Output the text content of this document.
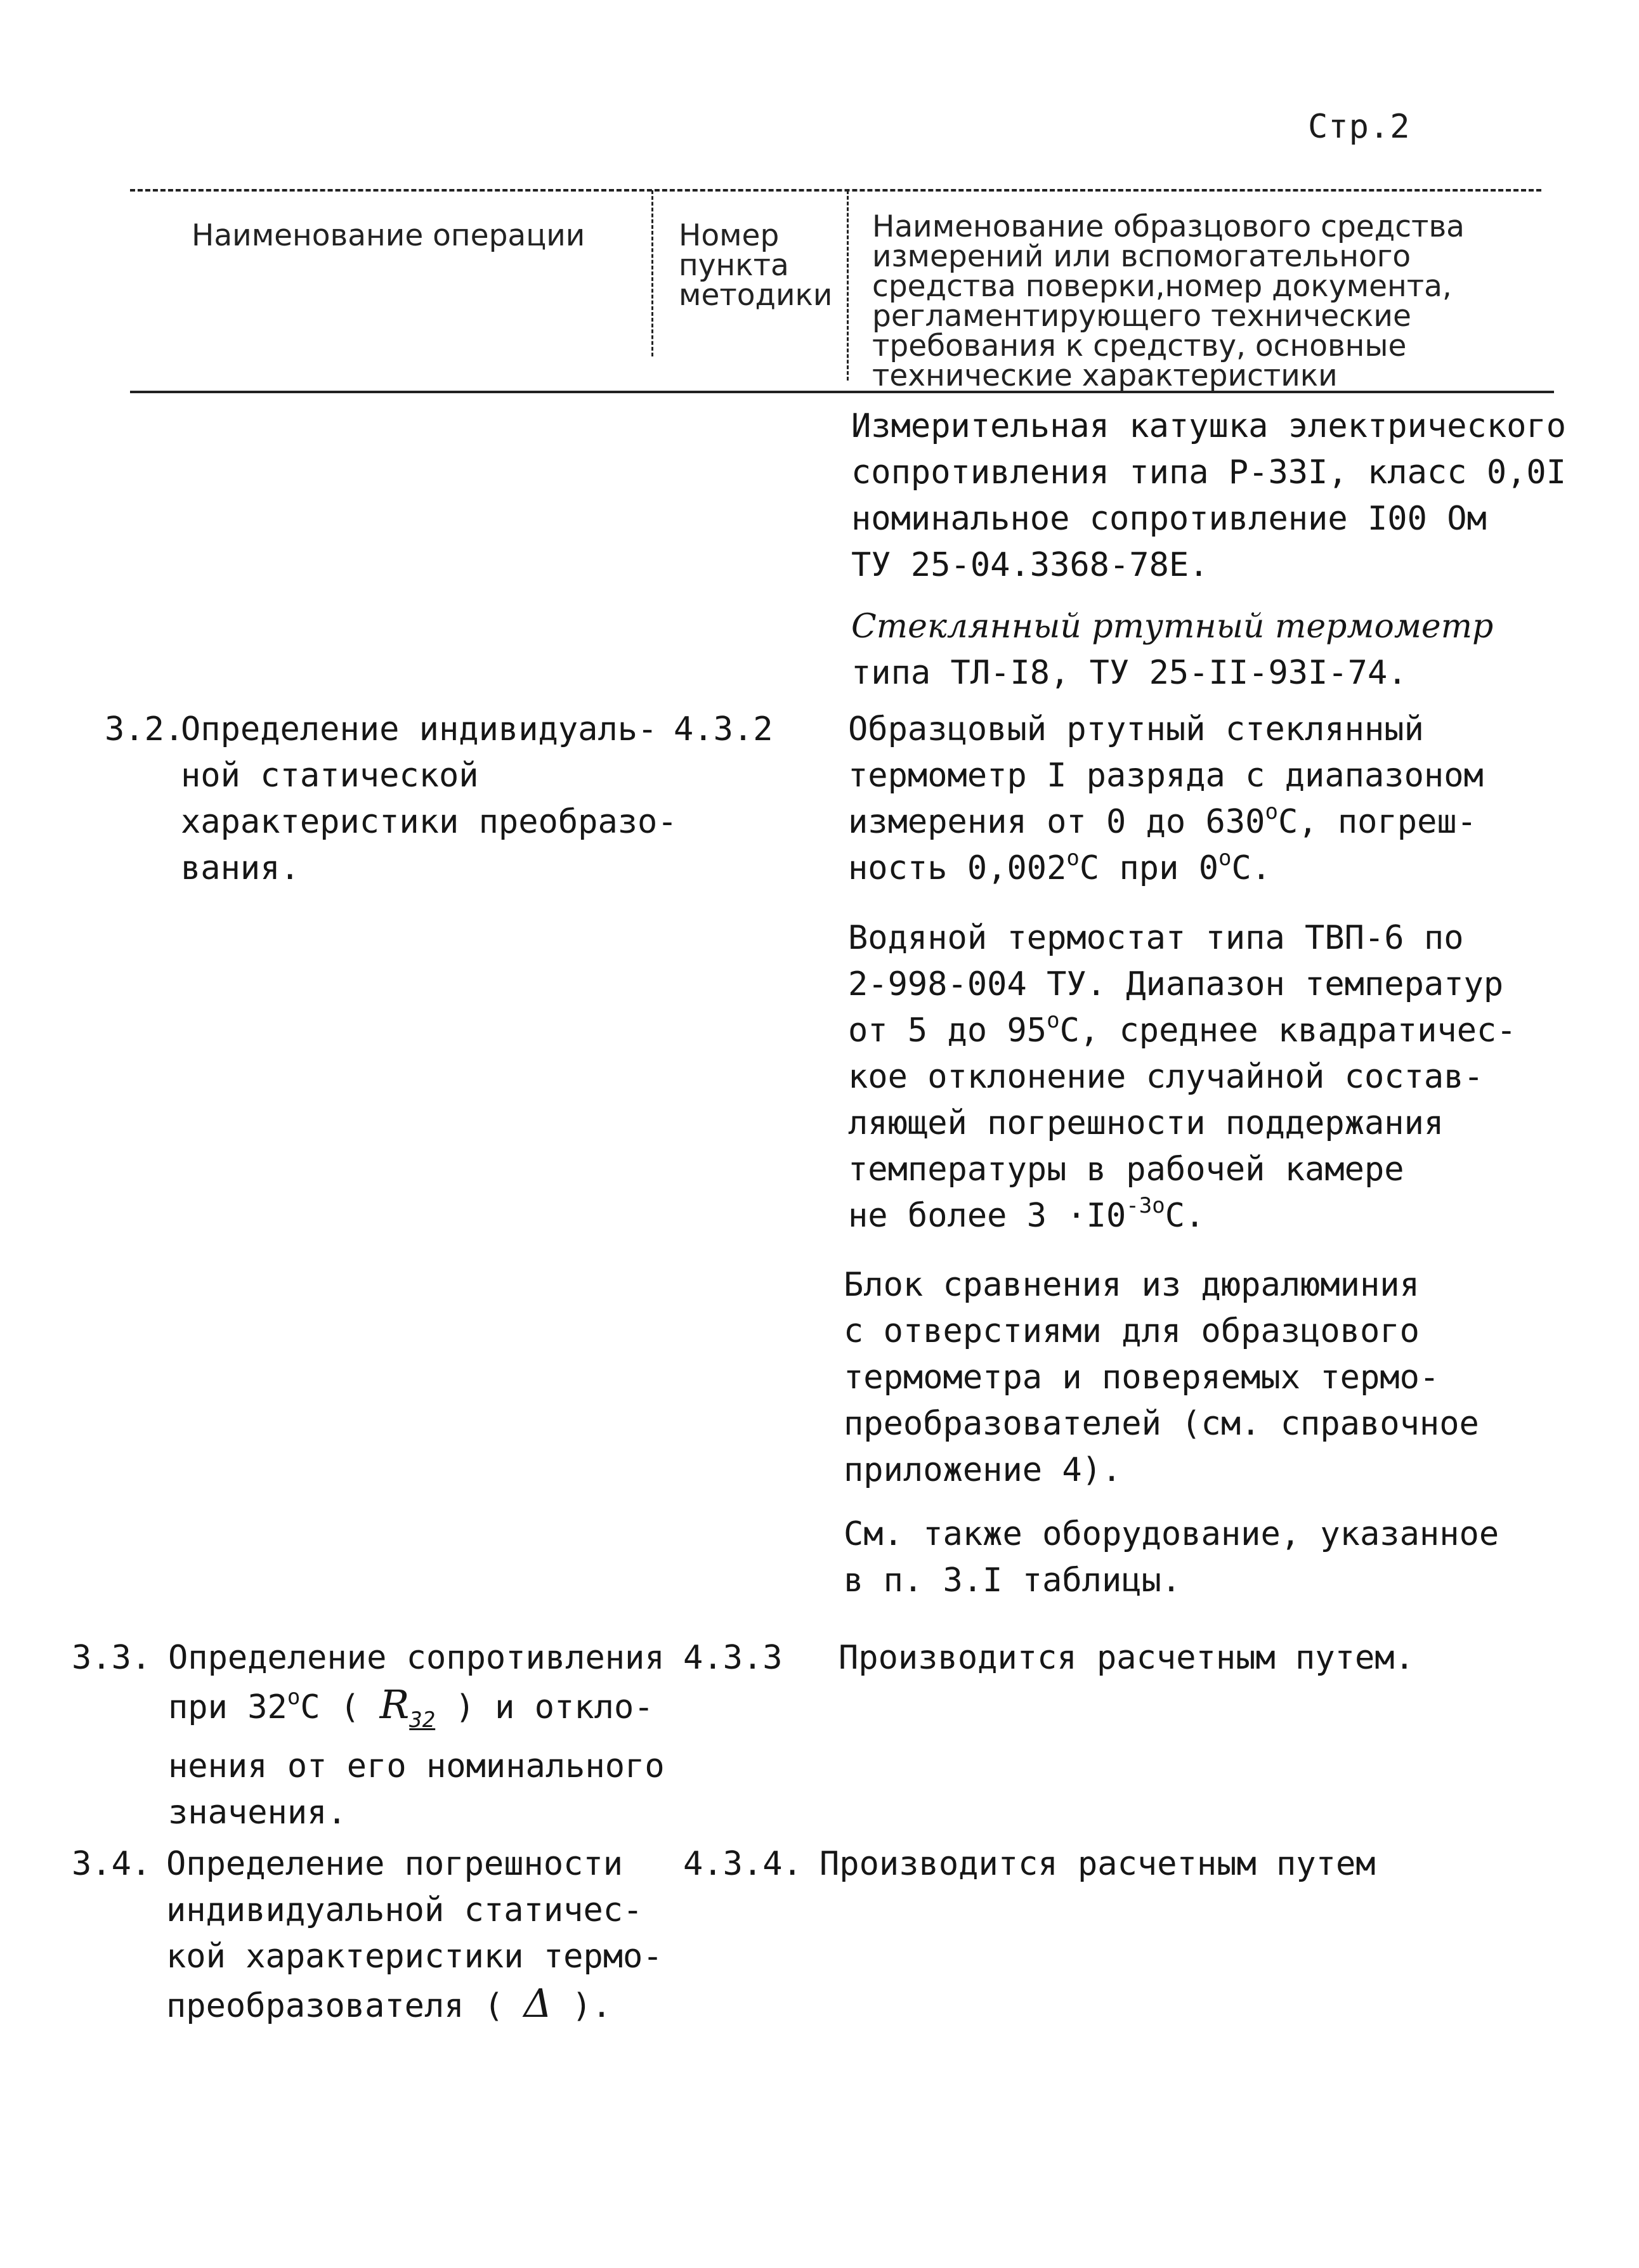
Стр.2
Наименование операции	Номер
пункта
методики
Наименование образцового средства
измерений или вспомогательного
средства поверки,номер документа,
регламентирующего технические
требования к средству, основные
технические характеристики
Измерительная катушка электрического
сопротивления типа Р-33I, класс 0,0I
номинальное сопротивление I00 Ом
ТУ 25-04.3368-78Е.
Стеклянный ртутный термометр
типа ТЛ-I8, ТУ 25-II-93I-74.
3.2.
Определение индивидуаль-
ной статической
характеристики преобразо-
вания.
4.3.2 Образцовый ртутный стеклянный
термометр I разряда с диапазоном
измерения от 0 до $630^оС$, погреш-
ность $0,002^оС$ при $0^оС$.
Водяной термостат типа ТВП-6 по
2-998-004 ТУ. Диапазон температур
от 5 до $95^оС$, среднее квадратичес-
кое отклонение случайной состав-
ляющей погрешности поддержания
температуры в рабочей камере
не более $3 \cdot I0^{-3о}С$.
Блок сравнения из дюралюминия
с отверстиями для образцового
термометра и поверяемых термо-
преобразователей (см. справочное
приложение 4).
См. также оборудование, указанное
в п. 3.I таблицы.
3.3. Определение сопротивления
при $32^оС$ ( $R_{32}$ ) и откло-
нения от его номинального
значения.
4.3.3 Производится расчетным путем.
3.4. Определение погрешности
индивидуальной статичес-
кой характеристики термо-
преобразователя ( Δ ).
4.3.4. Производится расчетным путем
